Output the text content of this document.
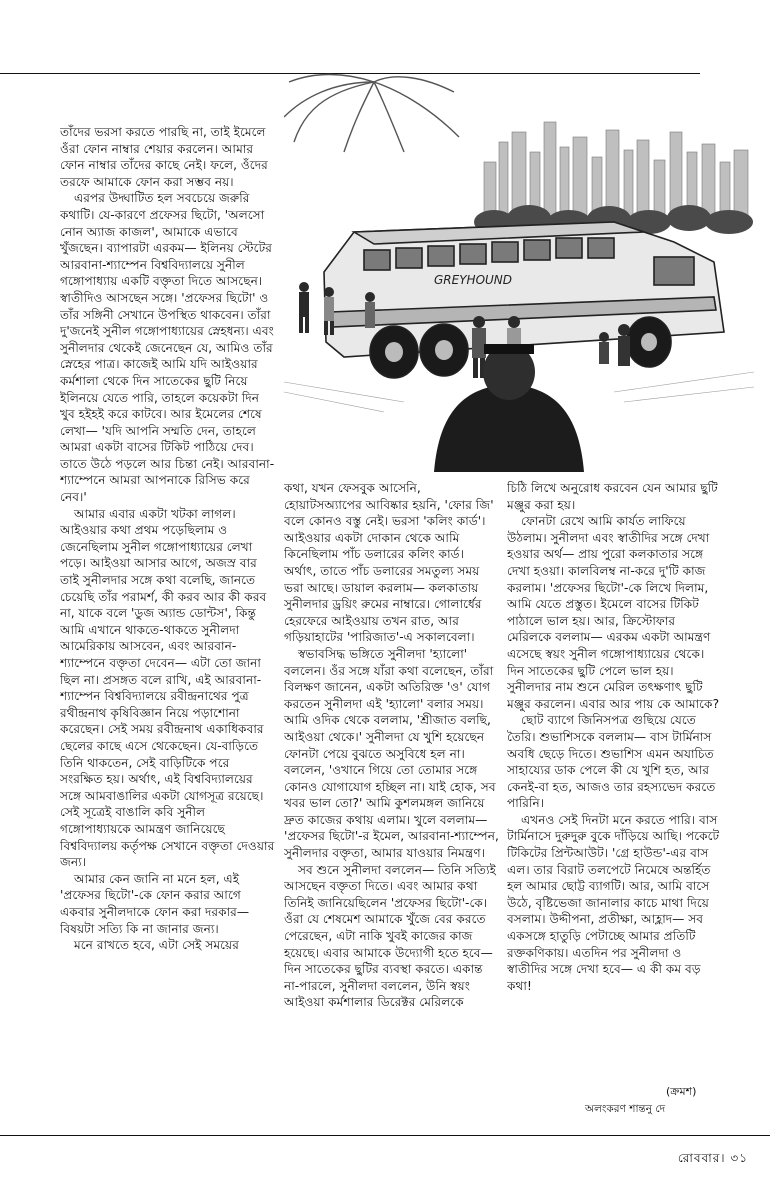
GREYHOUND

তাঁদের ভরসা করতে পারছি না, তাই ইমেলে ওঁরা ফোন নাম্বার শেয়ার করলেন। আমার ফোন নাম্বার তাঁদের কাছে নেই। ফলে, ওঁদের তরফে আমাকে ফোন করা সম্ভব নয়।

এরপর উদ্ঘাটিত হল সবচেয়ে জরুরি কথাটি। যে-কারণে প্রফেসর ছিটো, 'অলসো নোন অ্যাজ কাজল', আমাকে এভাবে খুঁজছেন। ব্যাপারটা এরকম— ইলিনয় স্টেটের আরবানা-শ্যাম্পেন বিশ্ববিদ্যালয়ে সুনীল গঙ্গোপাধ্যায় একটি বক্তৃতা দিতে আসছেন। স্বাতীদিও আসছেন সঙ্গে। 'প্রফেসর ছিটো' ও তাঁর সঙ্গিনী সেখানে উপস্থিত থাকবেন। তাঁরা দু'জনেই সুনীল গঙ্গোপাধ্যায়ের স্নেহধন্য। এবং সুনীলদার থেকেই জেনেছেন যে, আমিও তাঁর স্নেহের পাত্র। কাজেই আমি যদি আইওয়ার কর্মশালা থেকে দিন সাতেকের ছুটি নিয়ে ইলিনয়ে যেতে পারি, তাহলে কয়েকটা দিন খুব হইহই করে কাটবে। আর ইমেলের শেষে লেখা— 'যদি আপনি সম্মতি দেন, তাহলে আমরা একটা বাসের টিকিট পাঠিয়ে দেব। তাতে উঠে পড়লে আর চিন্তা নেই। আরবানা-শ্যাম্পেনে আমরা আপনাকে রিসিভ করে নেব।'

আমার এবার একটা খটকা লাগল। আইওয়ার কথা প্রথম পড়েছিলাম ও জেনেছিলাম সুনীল গঙ্গোপাধ্যায়ের লেখা পড়ে। আইওয়া আসার আগে, অজস্র বার তাই সুনীলদার সঙ্গে কথা বলেছি, জানতে চেয়েছি তাঁর পরামর্শ, কী করব আর কী করব না, যাকে বলে 'ডুজ অ্যান্ড ডোন্টস', কিন্তু আমি এখানে থাকতে-থাকতে সুনীলদা আমেরিকায় আসবেন, এবং আরবান-শ্যাম্পেনে বক্তৃতা দেবেন— এটা তো জানা ছিল না। প্রসঙ্গত বলে রাখি, এই আরবানা-শ্যাম্পেন বিশ্ববিদ্যালয়ে রবীন্দ্রনাথের পুত্র রথীন্দ্রনাথ কৃষিবিজ্ঞান নিয়ে পড়াশোনা করেছেন। সেই সময় রবীন্দ্রনাথ একাধিকবার ছেলের কাছে এসে থেকেছেন। যে-বাড়িতে তিনি থাকতেন, সেই বাড়িটিকে পরে সংরক্ষিত হয়। অর্থাৎ, এই বিশ্ববিদ্যালয়ের সঙ্গে আমবাঙালির একটা যোগসূত্র রয়েছে। সেই সূত্রেই বাঙালি কবি সুনীল গঙ্গোপাধ্যায়কে আমন্ত্রণ জানিয়েছে বিশ্ববিদ্যালয় কর্তৃপক্ষ সেখানে বক্তৃতা দেওয়ার জন্য।

আমার কেন জানি না মনে হল, এই 'প্রফেসর ছিটো'-কে ফোন করার আগে একবার সুনীলদাকে ফোন করা দরকার— বিষয়টা সত্যি কি না জানার জন্য।

মনে রাখতে হবে, এটা সেই সময়ের

কথা, যখন ফেসবুক আসেনি, হোয়াটসঅ্যাপের আবিষ্কার হয়নি, 'ফোর জি' বলে কোনও বস্তু নেই। ভরসা 'কলিং কার্ড'। আইওয়ার একটা দোকান থেকে আমি কিনেছিলাম পাঁচ ডলারের কলিং কার্ড। অর্থাৎ, তাতে পাঁচ ডলারের সমতুল্য সময় ভরা আছে। ডায়াল করলাম— কলকাতায় সুনীলদার ড্রয়িং রুমের নাম্বারে। গোলার্ধের হেরফেরে আইওয়ায় তখন রাত, আর গড়িয়াহাটের 'পারিজাত'-এ সকালবেলা।

স্বভাবসিদ্ধ ভঙ্গিতে সুনীলদা 'হ্যালো' বললেন। ওঁর সঙ্গে যাঁরা কথা বলেছেন, তাঁরা বিলক্ষণ জানেন, একটা অতিরিক্ত 'ও' যোগ করতেন সুনীলদা এই 'হ্যালো' বলার সময়। আমি ওদিক থেকে বললাম, 'শ্রীজাত বলছি, আইওয়া থেকে।' সুনীলদা যে খুশি হয়েছেন ফোনটা পেয়ে বুঝতে অসুবিধে হল না। বললেন, 'ওখানে গিয়ে তো তোমার সঙ্গে কোনও যোগাযোগ হচ্ছিল না। যাই হোক, সব খবর ভাল তো?' আমি কুশলমঙ্গল জানিয়ে দ্রুত কাজের কথায় এলাম। খুলে বললাম— 'প্রফেসর ছিটো'-র ইমেল, আরবানা-শ্যাম্পেন, সুনীলদার বক্তৃতা, আমার যাওয়ার নিমন্ত্রণ।

সব শুনে সুনীলদা বললেন— তিনি সত্যিই আসছেন বক্তৃতা দিতে। এবং আমার কথা তিনিই জানিয়েছিলেন 'প্রফেসর ছিটো'-কে। ওঁরা যে শেষমেশ আমাকে খুঁজে বের করতে পেরেছেন, এটা নাকি খুবই কাজের কাজ হয়েছে। এবার আমাকে উদ্যোগী হতে হবে— দিন সাতেকের ছুটির ব্যবস্থা করতে। একান্ত না-পারলে, সুনীলদা বললেন, উনি স্বয়ং আইওয়া কর্মশালার ডিরেক্টর মেরিলকে

চিঠি লিখে অনুরোধ করবেন যেন আমার ছুটি মঞ্জুর করা হয়।

ফোনটা রেখে আমি কার্যত লাফিয়ে উঠলাম। সুনীলদা এবং স্বাতীদির সঙ্গে দেখা হওয়ার অর্থ— প্রায় পুরো কলকাতার সঙ্গে দেখা হওয়া। কালবিলম্ব না-করে দু'টি কাজ করলাম। 'প্রফেসর ছিটো'-কে লিখে দিলাম, আমি যেতে প্রস্তুত। ইমেলে বাসের টিকিট পাঠালে ভাল হয়। আর, ক্রিস্টোফার মেরিলকে বললাম— এরকম একটা আমন্ত্রণ এসেছে স্বয়ং সুনীল গঙ্গোপাধ্যায়ের থেকে। দিন সাতেকের ছুটি পেলে ভাল হয়। সুনীলদার নাম শুনে মেরিল তৎক্ষণাৎ ছুটি মঞ্জুর করলেন। এবার আর পায় কে আমাকে?

ছোট ব্যাগে জিনিসপত্র গুছিয়ে যেতে তৈরি। শুভাশিসকে বললাম— বাস টার্মিনাস অবধি ছেড়ে দিতে। শুভাশিস এমন অযাচিত সাহায্যের ডাক পেলে কী যে খুশি হত, আর কেনই-বা হত, আজও তার রহস্যভেদ করতে পারিনি।

এখনও সেই দিনটা মনে করতে পারি। বাস টার্মিনাসে দুরুদুরু বুকে দাঁড়িয়ে আছি। পকেটে টিকিটের প্রিন্টআউট। 'গ্রে হাউন্ড'-এর বাস এল। তার বিরাট তলপেটে নিমেষে অন্তর্হিত হল আমার ছোট্ট ব্যাগটি। আর, আমি বাসে উঠে, বৃষ্টিভেজা জানালার কাচে মাথা দিয়ে বসলাম। উদ্দীপনা, প্রতীক্ষা, আহ্লাদ— সব একসঙ্গে হাতুড়ি পেটাচ্ছে আমার প্রতিটি রক্তকণিকায়। এতদিন পর সুনীলদা ও স্বাতীদির সঙ্গে দেখা হবে— এ কী কম বড় কথা!

(ক্রমশ)
অলংকরণ শান্তনু দে
রোববার। ৩১
